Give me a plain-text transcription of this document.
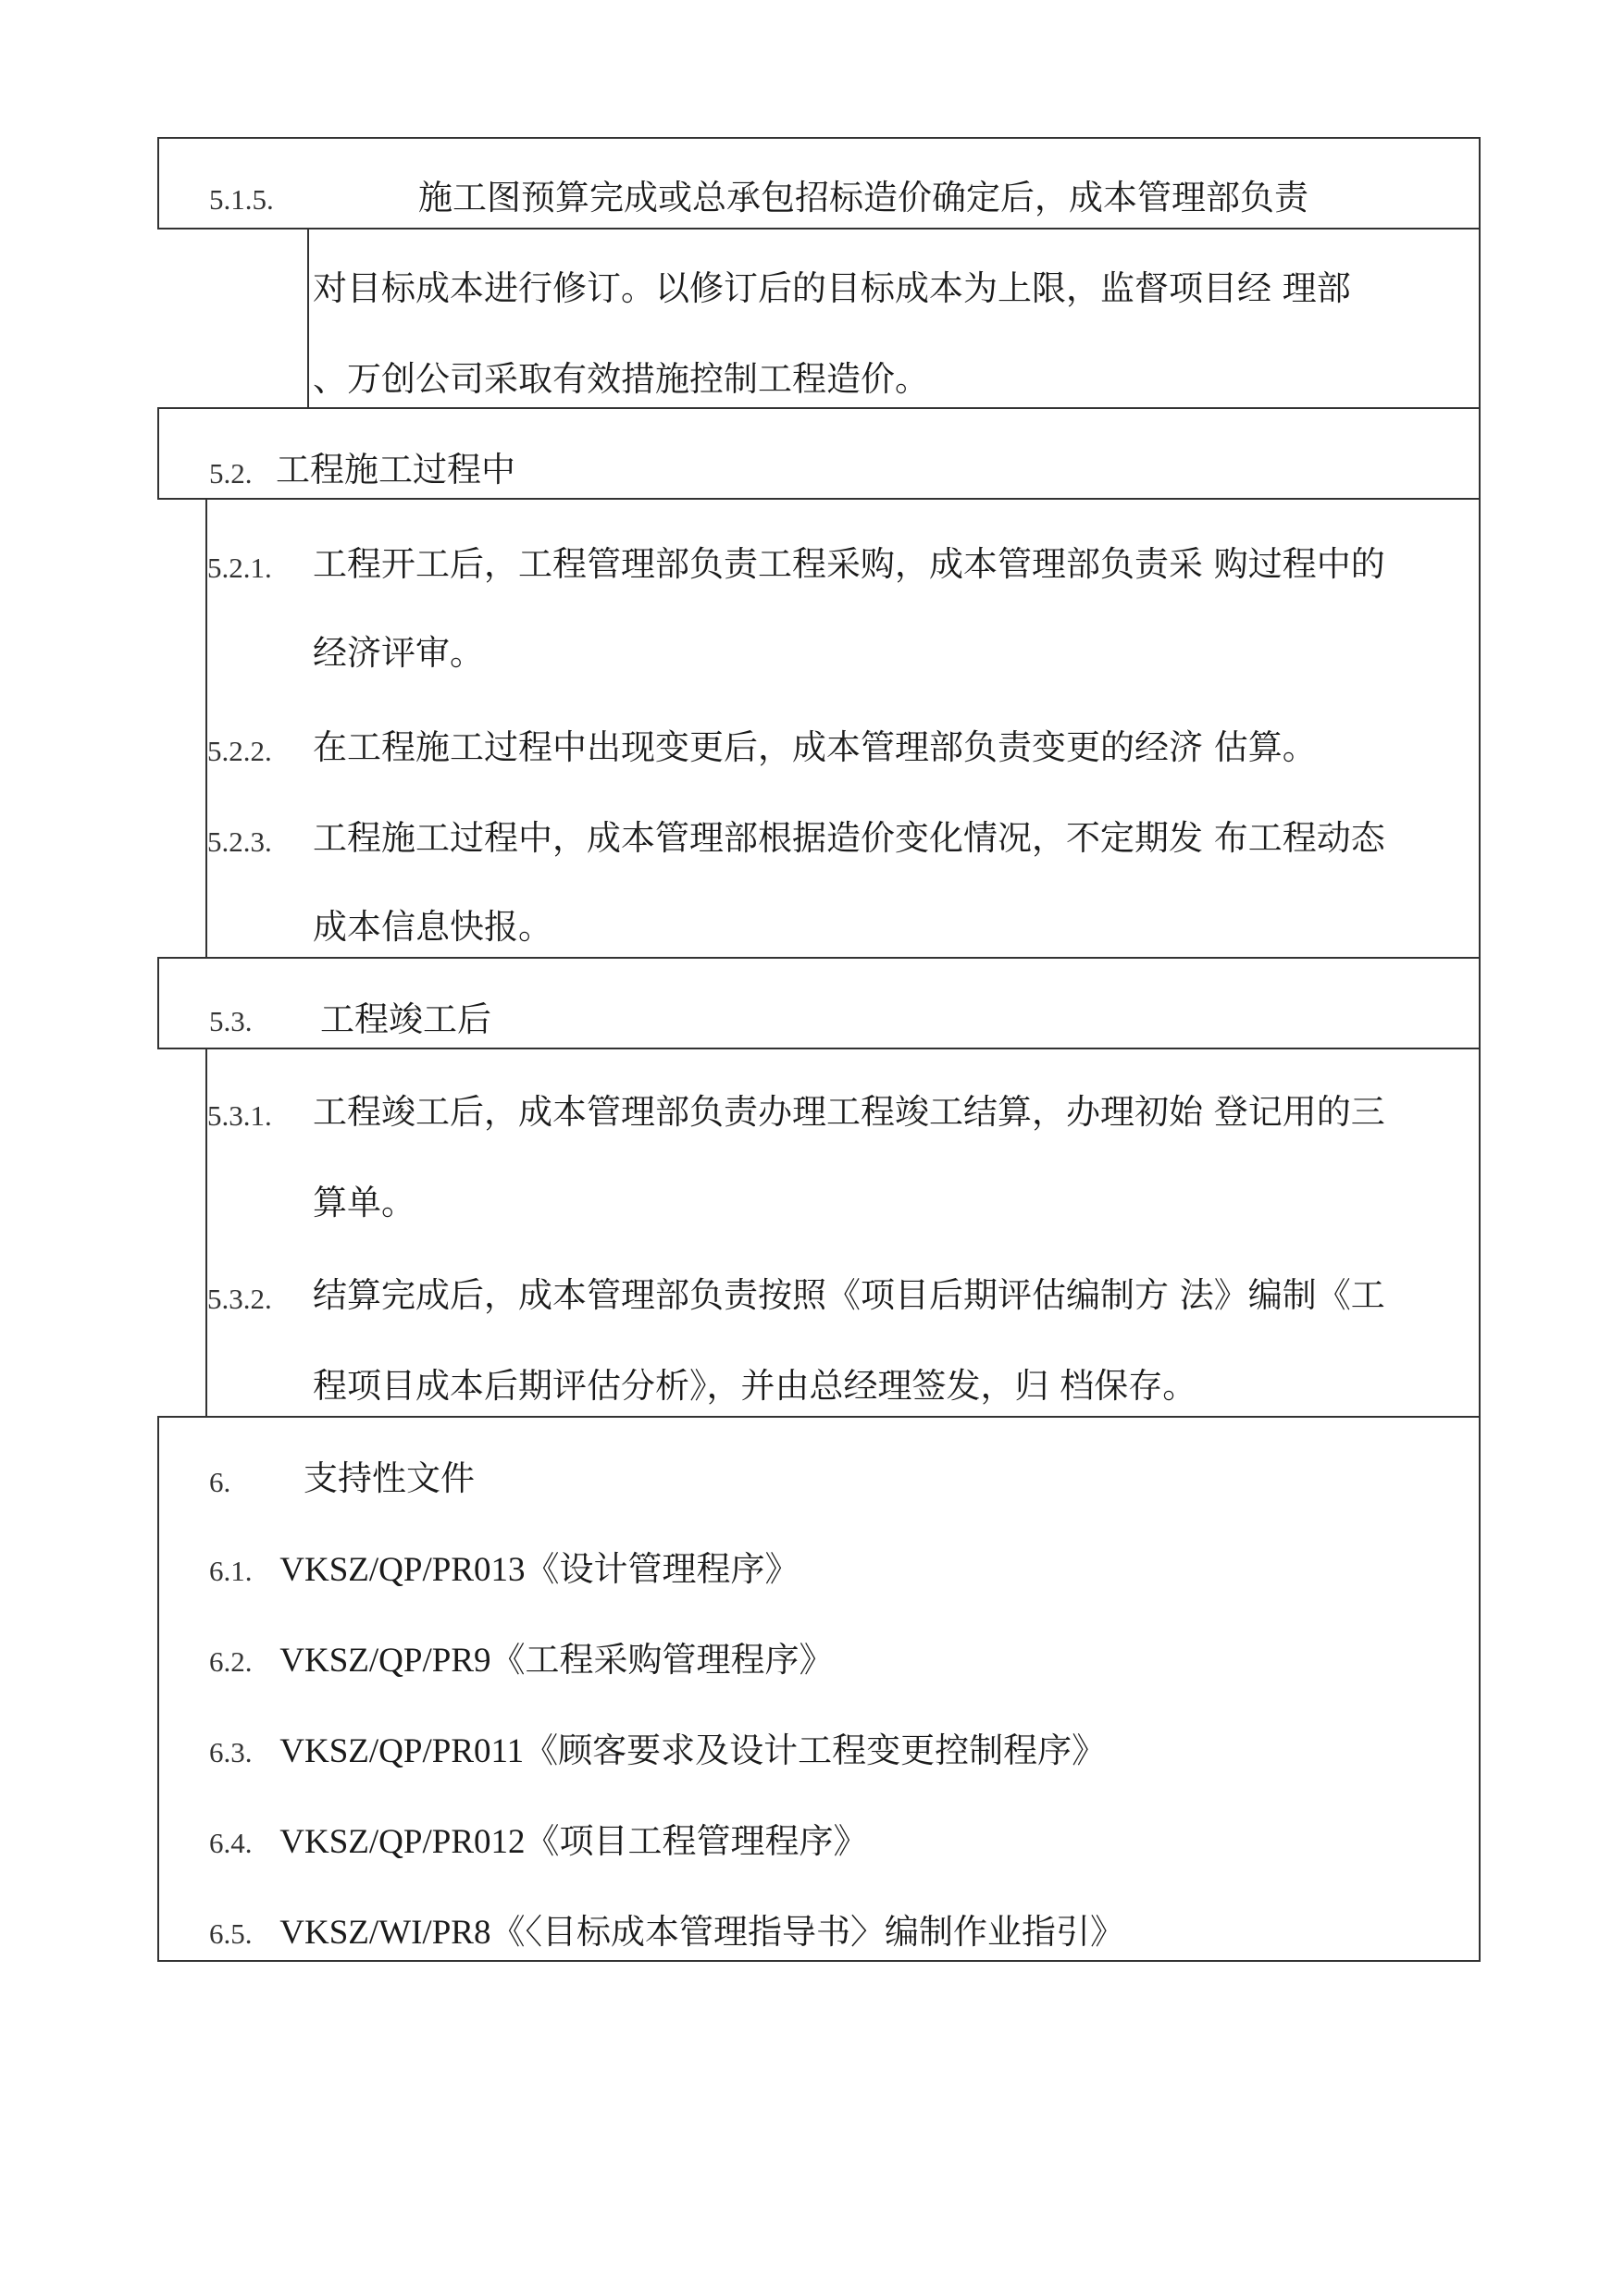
5.1.5.	施工图预算完成或总承包招标造价确定后，成本管理部负责
对目标成本进行修订。以修订后的目标成本为上限，监督项目经 理部
、万创公司采取有效措施控制工程造价。
5.2. 工程施工过程中
5.2.1. 工程开工后，工程管理部负责工程采购，成本管理部负责采 购过程中的
经济评审。
5.2.2. 在工程施工过程中出现变更后，成本管理部负责变更的经济 估算。
5.2.3. 工程施工过程中，成本管理部根据造价变化情况，不定期发 布工程动态
成本信息快报。
5.3. 工程竣工后
5.3.1. 工程竣工后，成本管理部负责办理工程竣工结算，办理初始 登记用的三
算单。
5.3.2. 结算完成后，成本管理部负责按照《项目后期评估编制方 法》编制《工
程项目成本后期评估分析》，并由总经理签发，归 档保存。
6. 支持性文件
6.1. VKSZ/QP/PR013《设计管理程序》
6.2. VKSZ/QP/PR9《工程采购管理程序》
6.3. VKSZ/QP/PR011《顾客要求及设计工程变更控制程序》
6.4. VKSZ/QP/PR012《项目工程管理程序》
6.5. VKSZ/WI/PR8《〈目标成本管理指导书〉编制作业指引》
